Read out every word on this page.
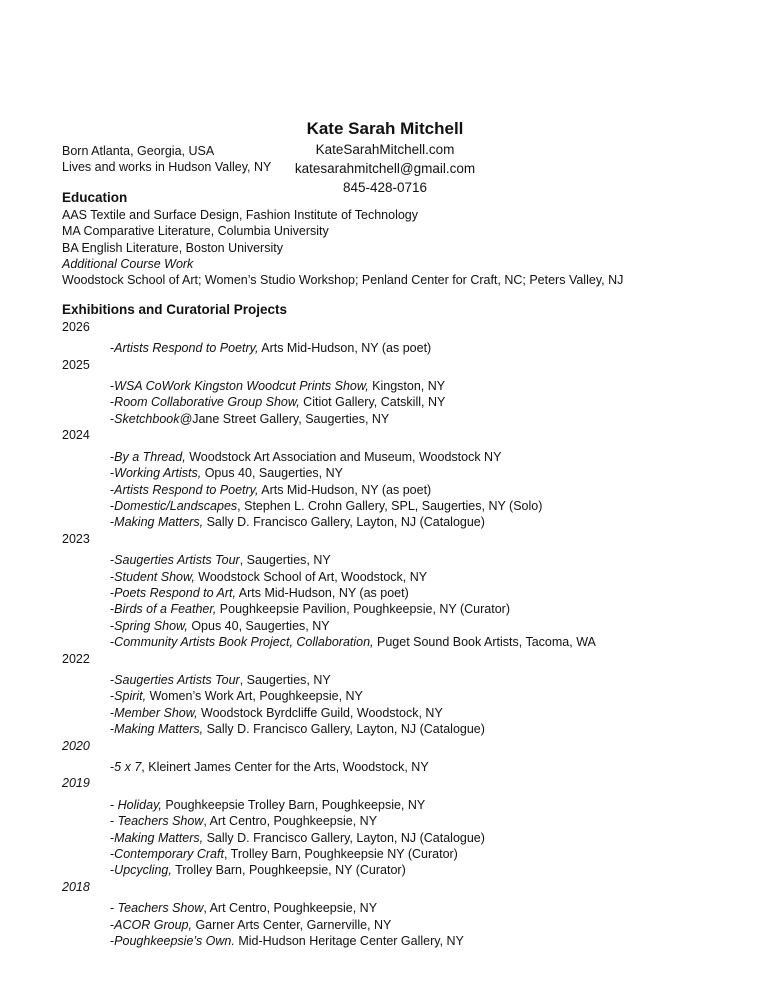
Kate Sarah Mitchell
KateSarahMitchell.com
katesarahmitchell@gmail.com
845-428-0716
Born Atlanta, Georgia, USA
Lives and works in Hudson Valley, NY
Education
AAS Textile and Surface Design, Fashion Institute of Technology
MA Comparative Literature, Columbia University
BA English Literature, Boston University
Additional Course Work
Woodstock School of Art; Women’s Studio Workshop; Penland Center for Craft, NC; Peters Valley, NJ
Exhibitions and Curatorial Projects
2026
-Artists Respond to Poetry, Arts Mid-Hudson, NY (as poet)
2025
-WSA CoWork Kingston Woodcut Prints Show, Kingston, NY
-Room Collaborative Group Show, Citiot Gallery, Catskill, NY
-Sketchbook@Jane Street Gallery, Saugerties, NY
2024
-By a Thread, Woodstock Art Association and Museum, Woodstock NY
-Working Artists, Opus 40, Saugerties, NY
-Artists Respond to Poetry, Arts Mid-Hudson, NY (as poet)
-Domestic/Landscapes, Stephen L. Crohn Gallery, SPL, Saugerties, NY (Solo)
-Making Matters, Sally D. Francisco Gallery, Layton, NJ (Catalogue)
2023
-Saugerties Artists Tour, Saugerties, NY
-Student Show, Woodstock School of Art, Woodstock, NY
-Poets Respond to Art, Arts Mid-Hudson, NY (as poet)
-Birds of a Feather, Poughkeepsie Pavilion, Poughkeepsie, NY (Curator)
-Spring Show, Opus 40, Saugerties, NY
-Community Artists Book Project, Collaboration, Puget Sound Book Artists, Tacoma, WA
2022
-Saugerties Artists Tour, Saugerties, NY
-Spirit, Women’s Work Art, Poughkeepsie, NY
-Member Show, Woodstock Byrdcliffe Guild, Woodstock, NY
-Making Matters, Sally D. Francisco Gallery, Layton, NJ (Catalogue)
2020
-5 x 7, Kleinert James Center for the Arts, Woodstock, NY
2019
- Holiday, Poughkeepsie Trolley Barn, Poughkeepsie, NY
- Teachers Show, Art Centro, Poughkeepsie, NY
-Making Matters, Sally D. Francisco Gallery, Layton, NJ (Catalogue)
-Contemporary Craft, Trolley Barn, Poughkeepsie NY (Curator)
-Upcycling, Trolley Barn, Poughkeepsie, NY (Curator)
2018
- Teachers Show, Art Centro, Poughkeepsie, NY
-ACOR Group, Garner Arts Center, Garnerville, NY
-Poughkeepsie’s Own. Mid-Hudson Heritage Center Gallery, NY
